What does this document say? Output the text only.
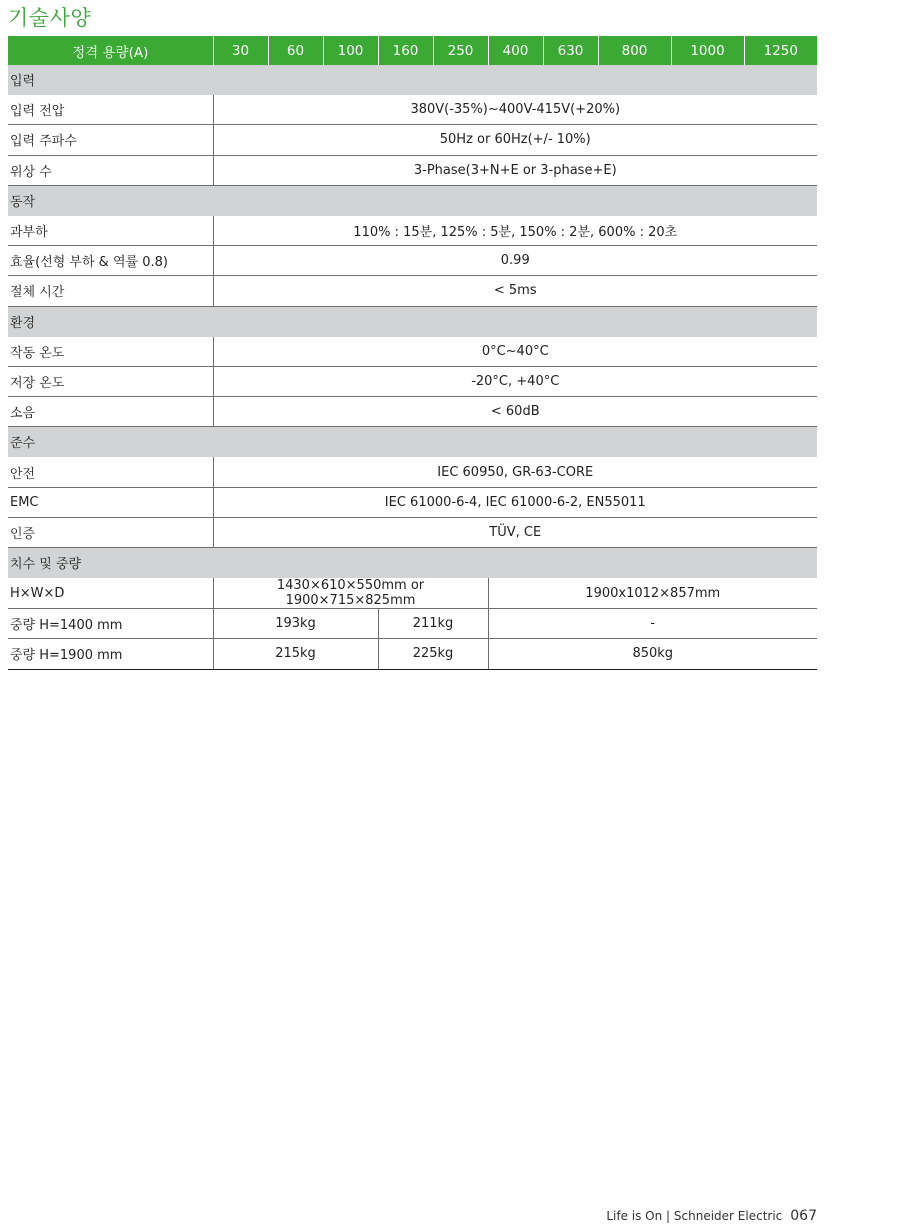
기술사양
정격 용량(A)	30	60	100	160	250	400	630	800	1000	1250
입력										
입력 전압	380V(-35%)~400V-415V(+20%)									
입력 주파수	50Hz or 60Hz(+/- 10%)									
위상 수	3-Phase(3+N+E or 3-phase+E)									
동작										
과부하	110% : 15분, 125% : 5분, 150% : 2분, 600% : 20초									
효율(선형 부하 & 역률 0.8)	0.99									
절체 시간	< 5ms									
환경										
작동 온도	0°C~40°C									
저장 온도	-20°C, +40°C									
소음	< 60dB									
준수										
안전	IEC 60950, GR-63-CORE									
EMC	IEC 61000-6-4, IEC 61000-6-2, EN55011									
인증	TÜV, CE									
치수 및 중량										
H×W×D	1430×610×550mm or 1900×715×825mm					1900x1012×857mm				
중량 H=1400 mm	193kg			211kg		-				
중량 H=1900 mm	215kg			225kg		850kg				
Life is On | Schneider Electric 067
